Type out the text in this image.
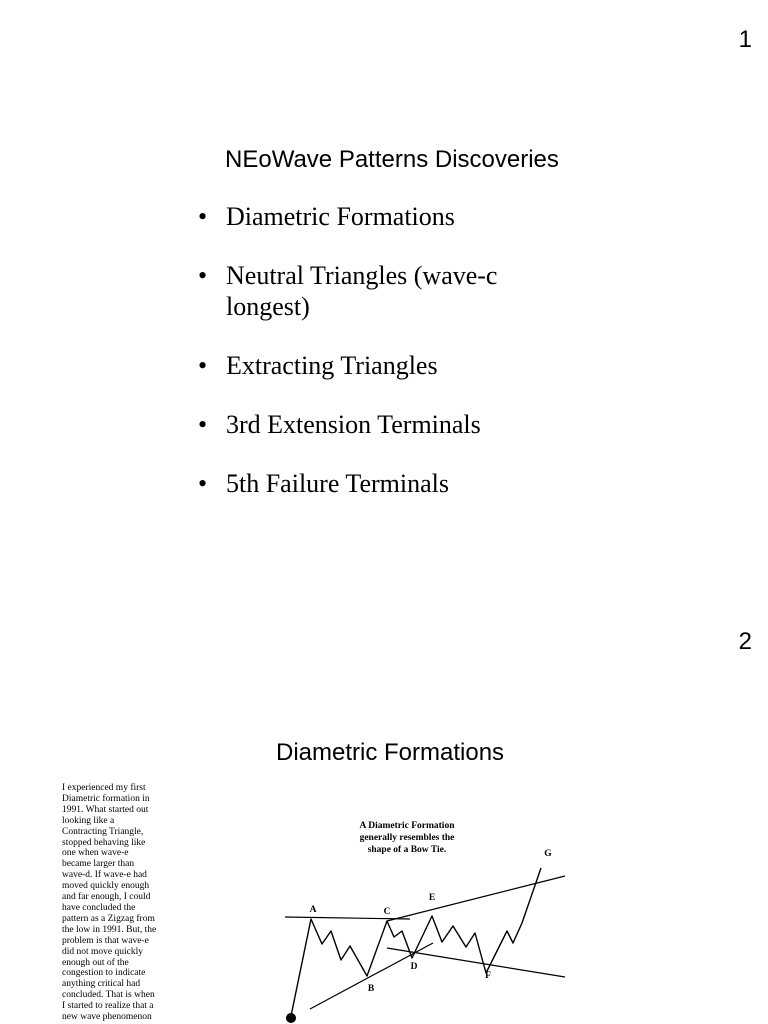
1
NEoWave Patterns Discoveries
• Diametric Formations
• Neutral Triangles (wave-c longest)
• Extracting Triangles
• 3rd Extension Terminals
• 5th Failure Terminals
2
Diametric Formations
I experienced my first
Diametric formation in
1991. What started out
looking like a
Contracting Triangle,
stopped behaving like
one when wave-e
became larger than
wave-d. If wave-e had
moved quickly enough
and far enough, I could
have concluded the
pattern as a Zigzag from
the low in 1991. But, the
problem is that wave-e
did not move quickly
enough out of the
congestion to indicate
anything critical had
concluded. That is when
I started to realize that a
new wave phenomenon
A Diametric Formation
generally resembles the
shape of a Bow Tie.
A
B
C
D
E
F
G
